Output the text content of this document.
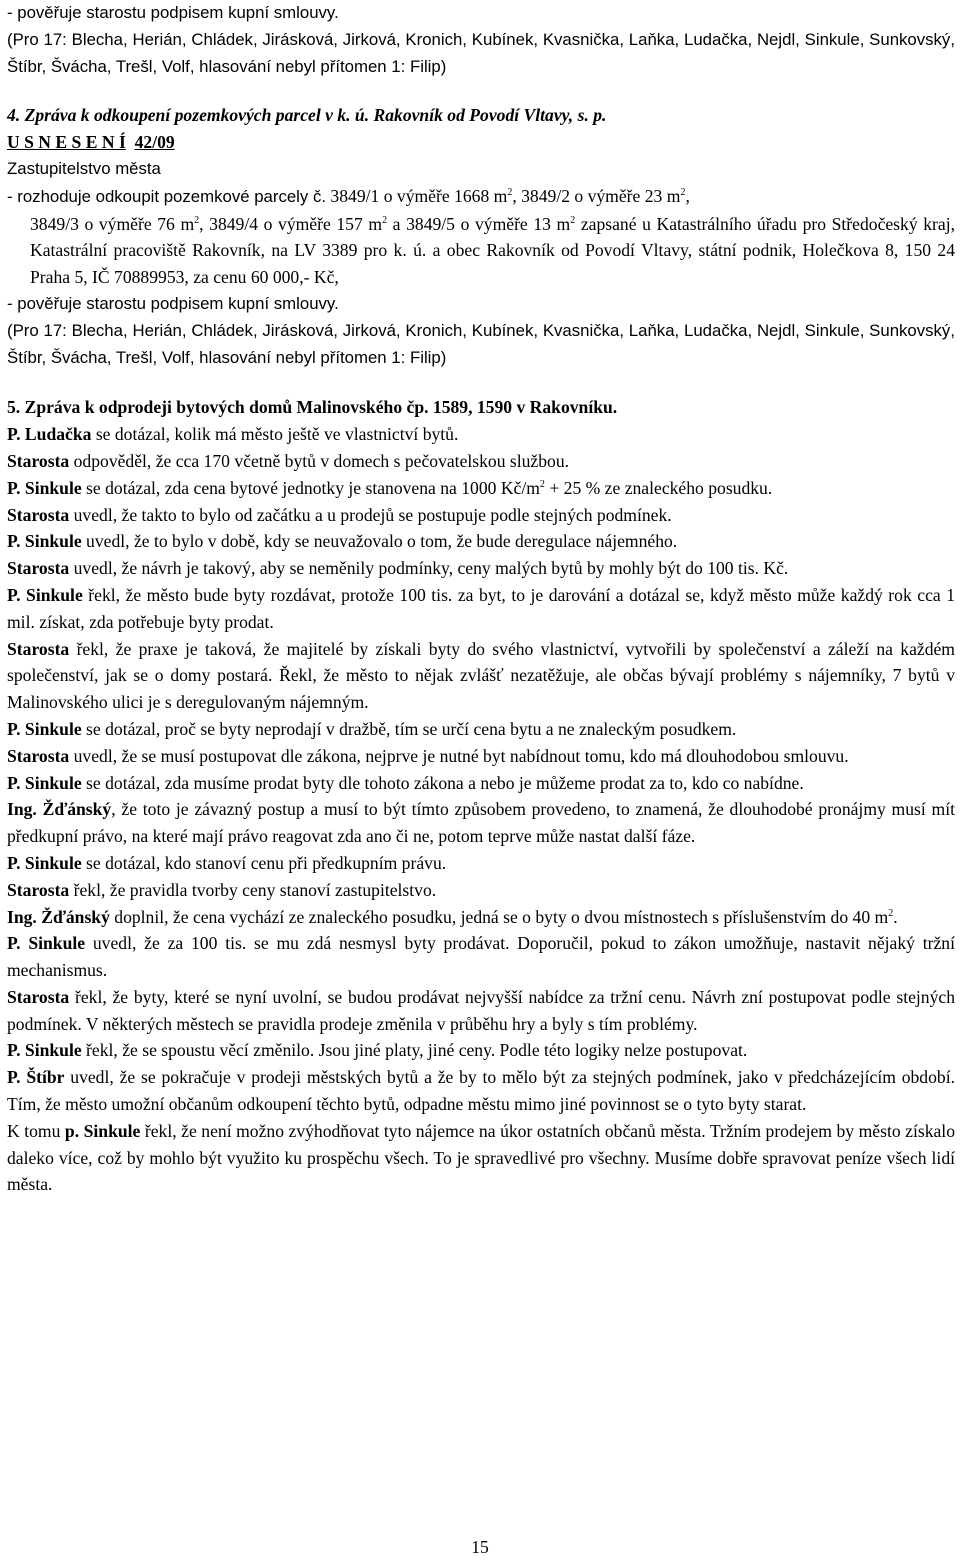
- pověřuje starostu podpisem kupní smlouvy.

(Pro 17: Blecha, Herián, Chládek, Jirásková, Jirková, Kronich, Kubínek, Kvasnička, Laňka, Ludačka, Nejdl, Sinkule, Sunkovský, Štíbr, Švácha, Trešl, Volf, hlasování nebyl přítomen 1: Filip)

4. Zpráva k odkoupení pozemkových parcel v k. ú. Rakovník od Povodí Vltavy, s. p.

U S N E S E N Í 42/09

Zastupitelstvo města

- rozhoduje odkoupit pozemkové parcely č. 3849/1 o výměře 1668 $m^2$, 3849/2 o výměře 23 $m^2$,

3849/3 o výměře 76 $m^2$, 3849/4 o výměře 157 $m^2$ a 3849/5 o výměře 13 $m^2$ zapsané u Katastrálního úřadu pro Středočeský kraj, Katastrální pracoviště Rakovník, na LV 3389 pro k. ú. a obec Rakovník od Povodí Vltavy, státní podnik, Holečkova 8, 150 24 Praha 5, IČ 70889953, za cenu 60 000,- Kč,

- pověřuje starostu podpisem kupní smlouvy.

(Pro 17: Blecha, Herián, Chládek, Jirásková, Jirková, Kronich, Kubínek, Kvasnička, Laňka, Ludačka, Nejdl, Sinkule, Sunkovský, Štíbr, Švácha, Trešl, Volf, hlasování nebyl přítomen 1: Filip)

5. Zpráva k odprodeji bytových domů Malinovského čp. 1589, 1590 v Rakovníku.

P. Ludačka se dotázal, kolik má město ještě ve vlastnictví bytů.

Starosta odpověděl, že cca 170 včetně bytů v domech s pečovatelskou službou.

P. Sinkule se dotázal, zda cena bytové jednotky je stanovena na 1000 $Kč/m^2 + 25$ % ze znaleckého posudku.

Starosta uvedl, že takto to bylo od začátku a u prodejů se postupuje podle stejných podmínek.

P. Sinkule uvedl, že to bylo v době, kdy se neuvažovalo o tom, že bude deregulace nájemného.

Starosta uvedl, že návrh je takový, aby se neměnily podmínky, ceny malých bytů by mohly být do 100 tis. Kč.

P. Sinkule řekl, že město bude byty rozdávat, protože 100 tis. za byt, to je darování a dotázal se, když město může každý rok cca 1 mil. získat, zda potřebuje byty prodat.

Starosta řekl, že praxe je taková, že majitelé by získali byty do svého vlastnictví, vytvořili by společenství a záleží na každém společenství, jak se o domy postará. Řekl, že město to nějak zvlášť nezatěžuje, ale občas bývají problémy s nájemníky, 7 bytů v Malinovského ulici je s deregulovaným nájemným.

P. Sinkule se dotázal, proč se byty neprodají v dražbě, tím se určí cena bytu a ne znaleckým posudkem.

Starosta uvedl, že se musí postupovat dle zákona, nejprve je nutné byt nabídnout tomu, kdo má dlouhodobou smlouvu.

P. Sinkule se dotázal, zda musíme prodat byty dle tohoto zákona a nebo je můžeme prodat za to, kdo co nabídne.

Ing. Žďánský, že toto je závazný postup a musí to být tímto způsobem provedeno, to znamená, že dlouhodobé pronájmy musí mít předkupní právo, na které mají právo reagovat zda ano či ne, potom teprve může nastat další fáze.

P. Sinkule se dotázal, kdo stanoví cenu při předkupním právu.

Starosta řekl, že pravidla tvorby ceny stanoví zastupitelstvo.

Ing. Žďánský doplnil, že cena vychází ze znaleckého posudku, jedná se o byty o dvou místnostech s příslušenstvím do 40 $m^2$.

P. Sinkule uvedl, že za 100 tis. se mu zdá nesmysl byty prodávat. Doporučil, pokud to zákon umožňuje, nastavit nějaký tržní mechanismus.

Starosta řekl, že byty, které se nyní uvolní, se budou prodávat nejvyšší nabídce za tržní cenu. Návrh zní postupovat podle stejných podmínek. V některých městech se pravidla prodeje změnila v průběhu hry a byly s tím problémy.

P. Sinkule řekl, že se spoustu věcí změnilo. Jsou jiné platy, jiné ceny. Podle této logiky nelze postupovat.

P. Štíbr uvedl, že se pokračuje v prodeji městských bytů a že by to mělo být za stejných podmínek, jako v předcházejícím období. Tím, že město umožní občanům odkoupení těchto bytů, odpadne městu mimo jiné povinnost se o tyto byty starat.

K tomu p. Sinkule řekl, že není možno zvýhodňovat tyto nájemce na úkor ostatních občanů města. Tržním prodejem by město získalo daleko více, což by mohlo být využito ku prospěchu všech. To je spravedlivé pro všechny. Musíme dobře spravovat peníze všech lidí města.

15
